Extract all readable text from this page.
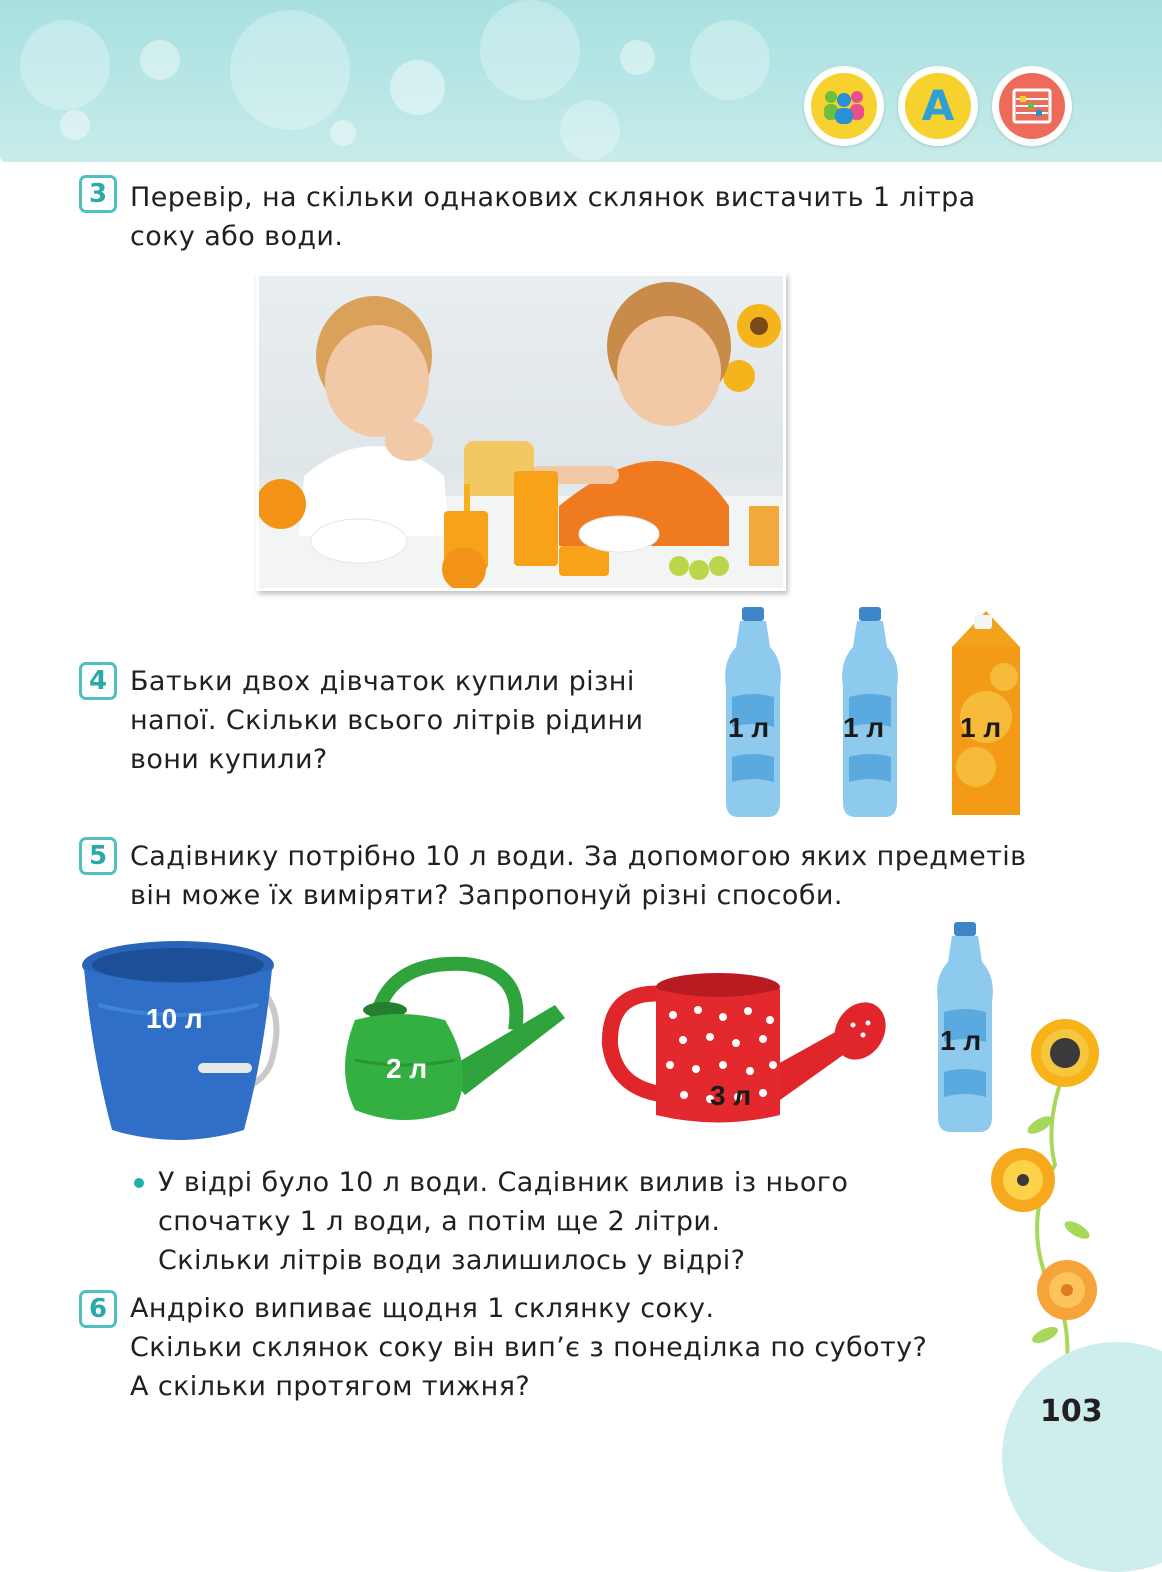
A
3 Перевір, на скільки однакових склянок вистачить 1 літра
соку або води.
4 Батьки двох дівчаток купили різні
напої. Скільки всього літрів рідини
вони купили?
1 л	1 л	1 л
5 Садівнику потрібно 10 л води. За допомогою яких предметів
він може їх виміряти? Запропонуй різні способи.
10 л
2 л
3 л
1 л
У відрі було 10 л води. Садівник вилив із нього
спочатку 1 л води, а потім ще 2 літри.
Скільки літрів води залишилось у відрі?
6 Андріко випиває щодня 1 склянку соку.
Скільки склянок соку він вип’є з понеділка по суботу?
А скільки протягом тижня?
103
